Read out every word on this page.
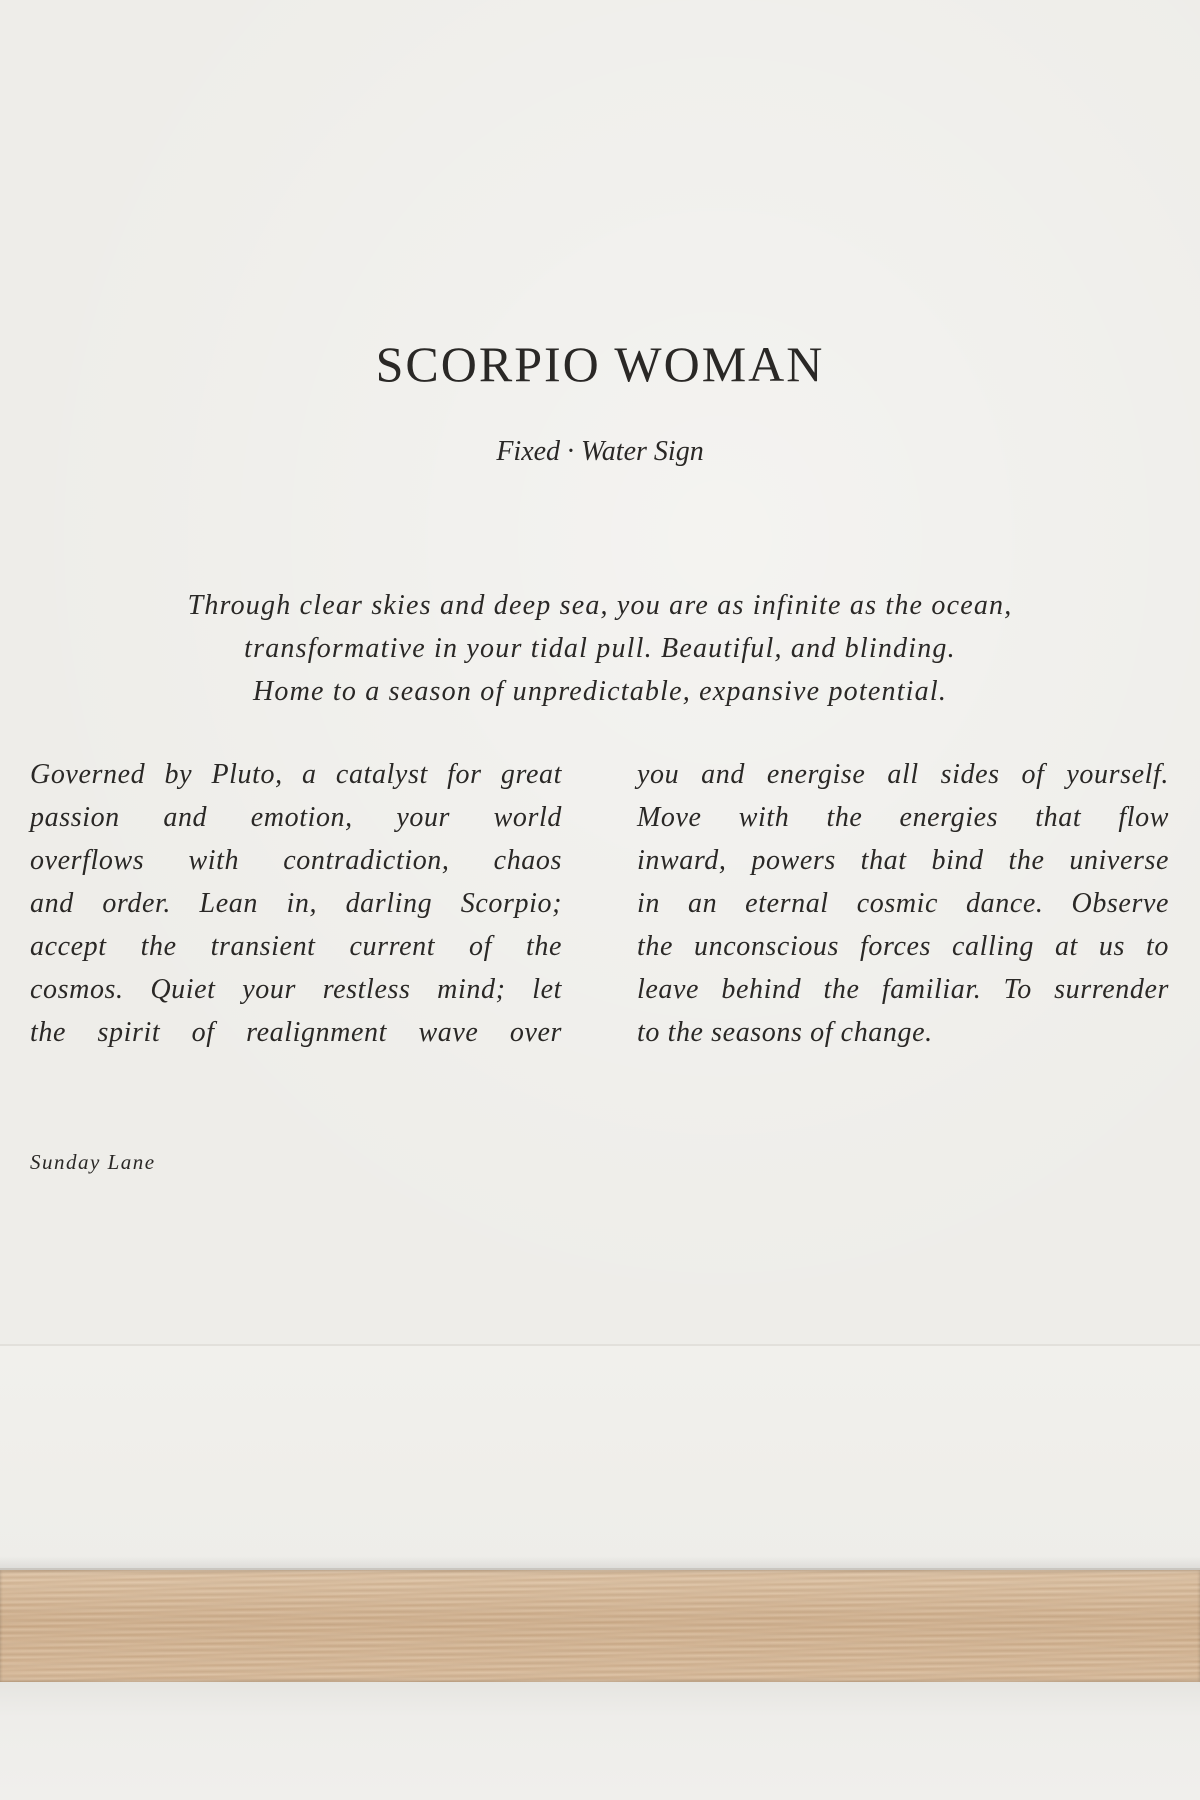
SCORPIO WOMAN
Fixed · Water Sign
Through clear skies and deep sea, you are as infinite as the ocean,
transformative in your tidal pull. Beautiful, and blinding.
Home to a season of unpredictable, expansive potential.
Governed by Pluto, a catalyst for great
passion and emotion, your world
overflows with contradiction, chaos
and order. Lean in, darling Scorpio;
accept the transient current of the
cosmos. Quiet your restless mind; let
the spirit of realignment wave over
you and energise all sides of yourself.
Move with the energies that flow
inward, powers that bind the universe
in an eternal cosmic dance. Observe
the unconscious forces calling at us to
leave behind the familiar. To surrender
to the seasons of change.
Sunday Lane
